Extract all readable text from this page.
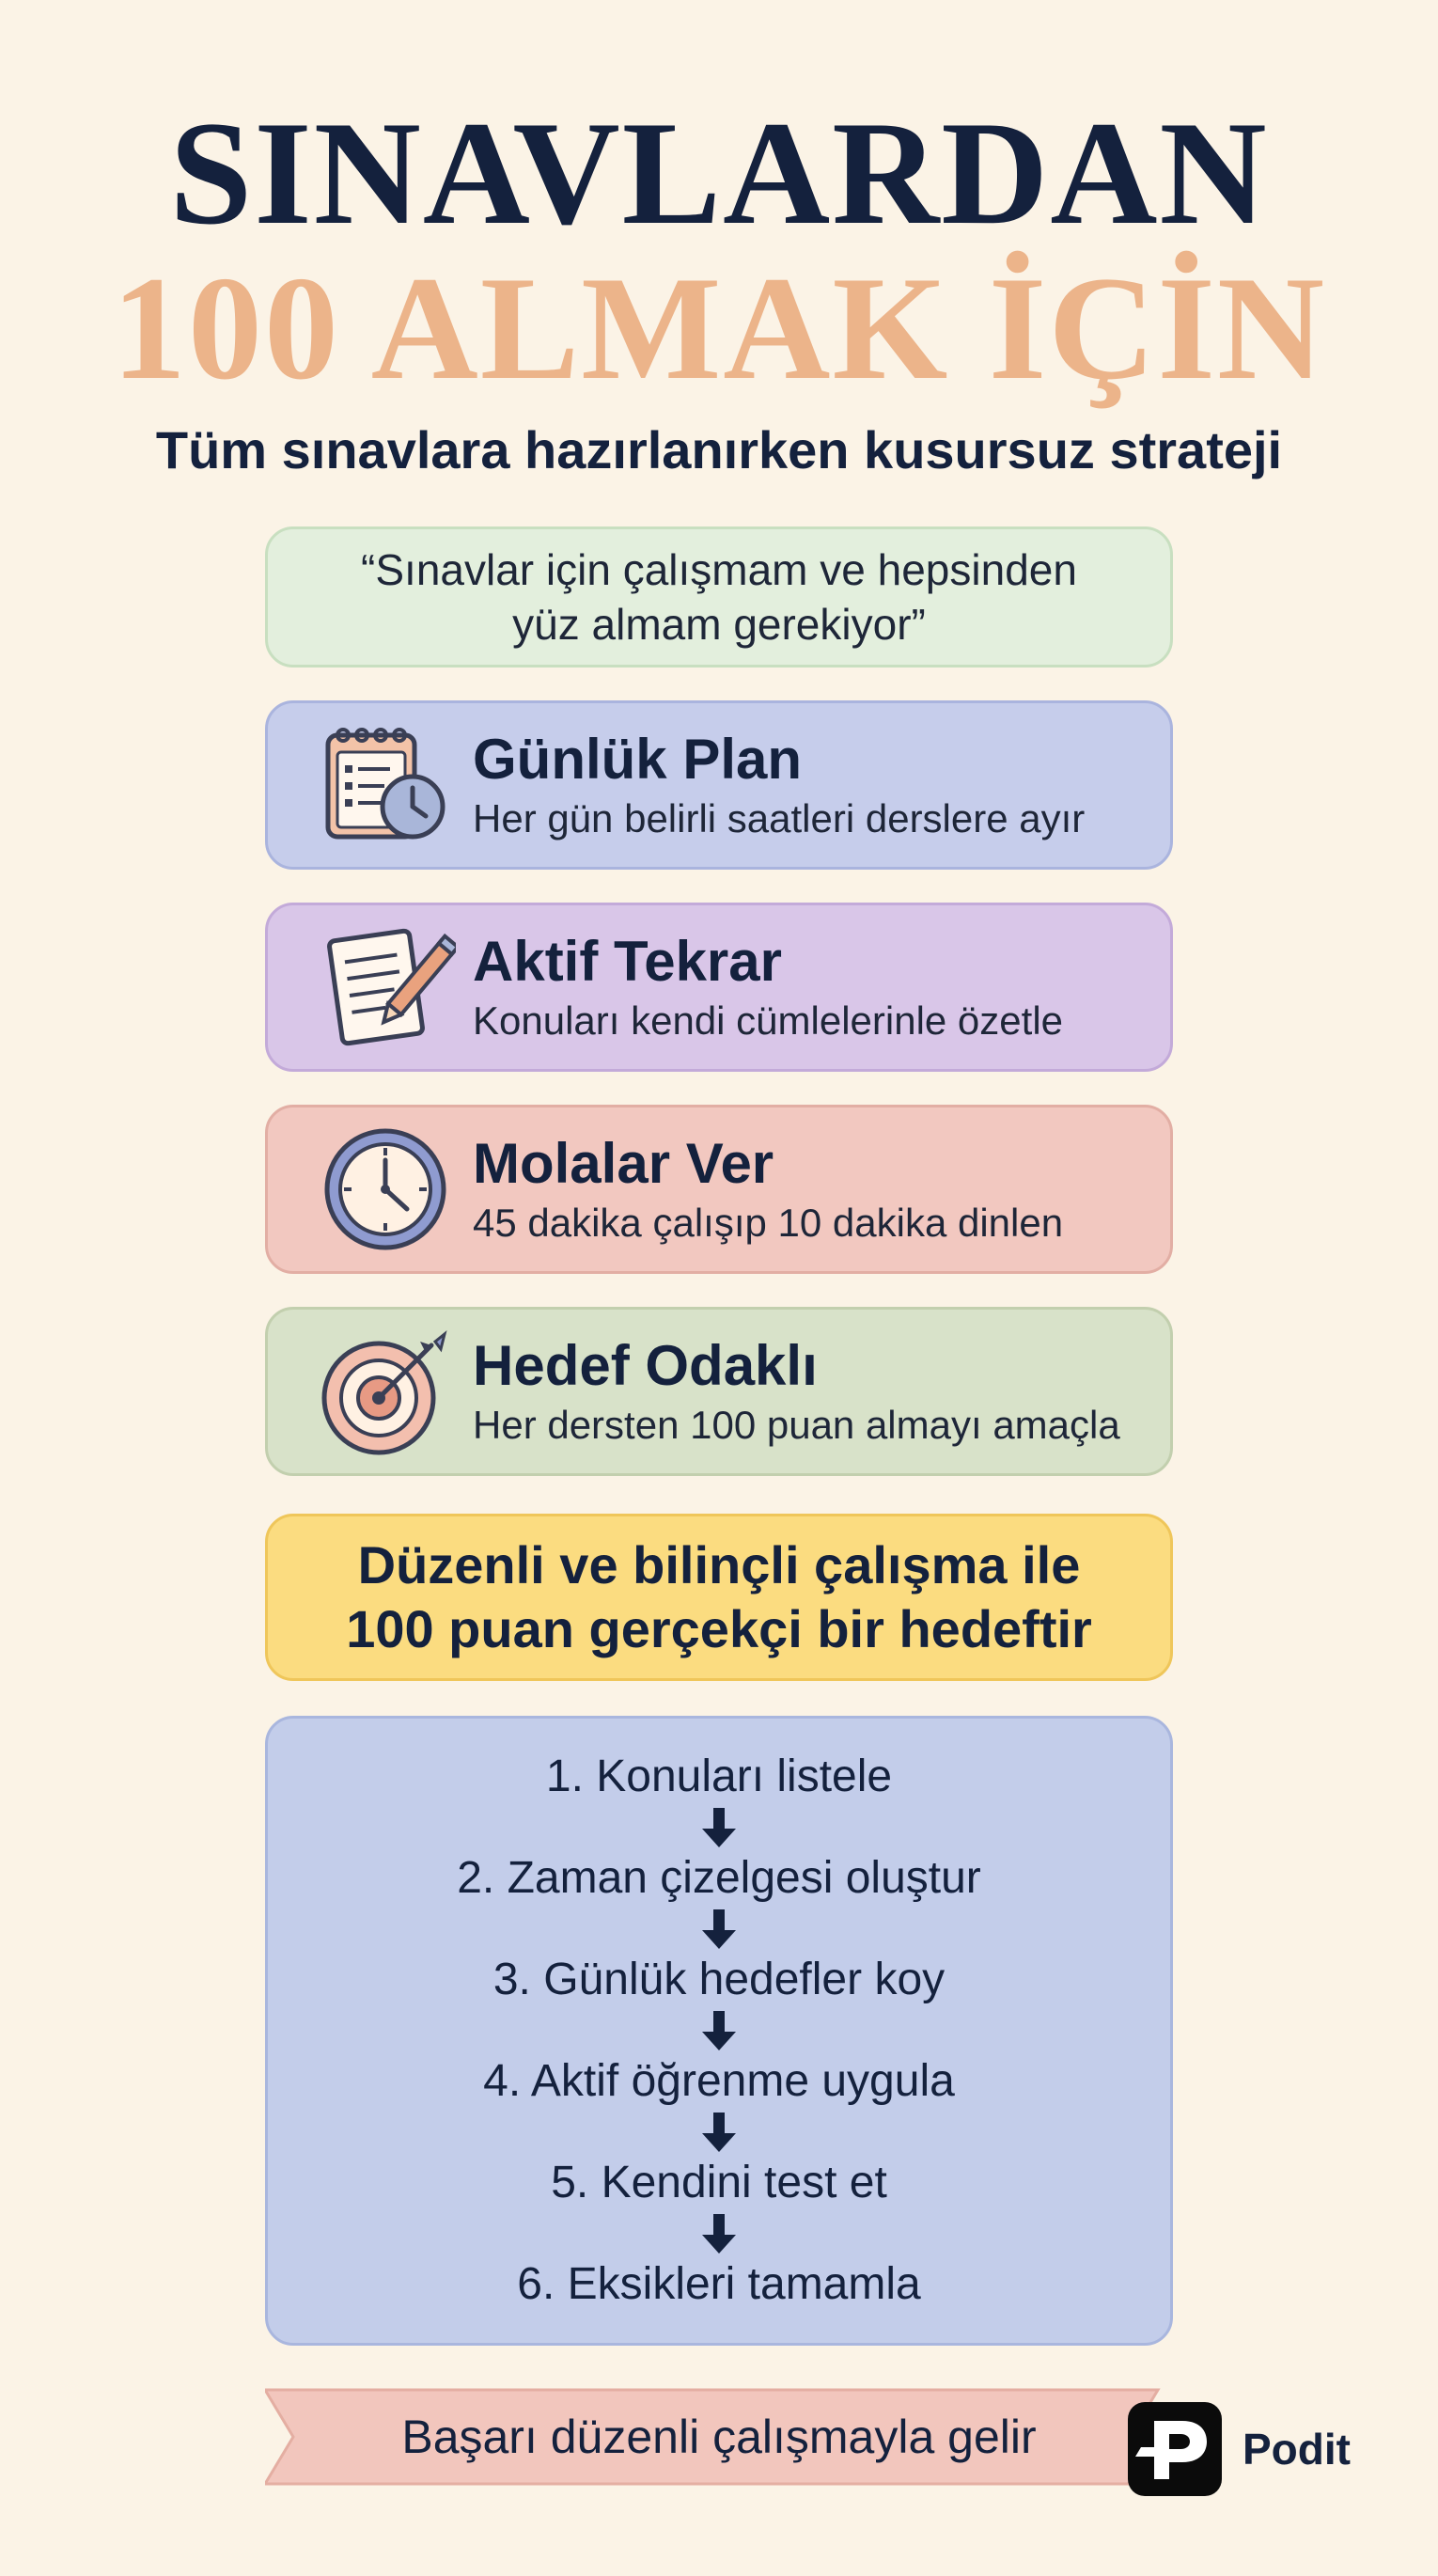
SINAVLARDAN
100 ALMAK İÇİN
Tüm sınavlara hazırlanırken kusursuz strateji
“Sınavlar için çalışmam ve hepsinden
yüz almam gerekiyor”
Günlük Plan
Her gün belirli saatleri derslere ayır
Aktif Tekrar
Konuları kendi cümlelerinle özetle
Molalar Ver
45 dakika çalışıp 10 dakika dinlen
Hedef Odaklı
Her dersten 100 puan almayı amaçla
Düzenli ve bilinçli çalışma ile
100 puan gerçekçi bir hedeftir
1. Konuları listele
2. Zaman çizelgesi oluştur
3. Günlük hedefler koy
4. Aktif öğrenme uygula
5. Kendini test et
6. Eksikleri tamamla
Başarı düzenli çalışmayla gelir	Podit
